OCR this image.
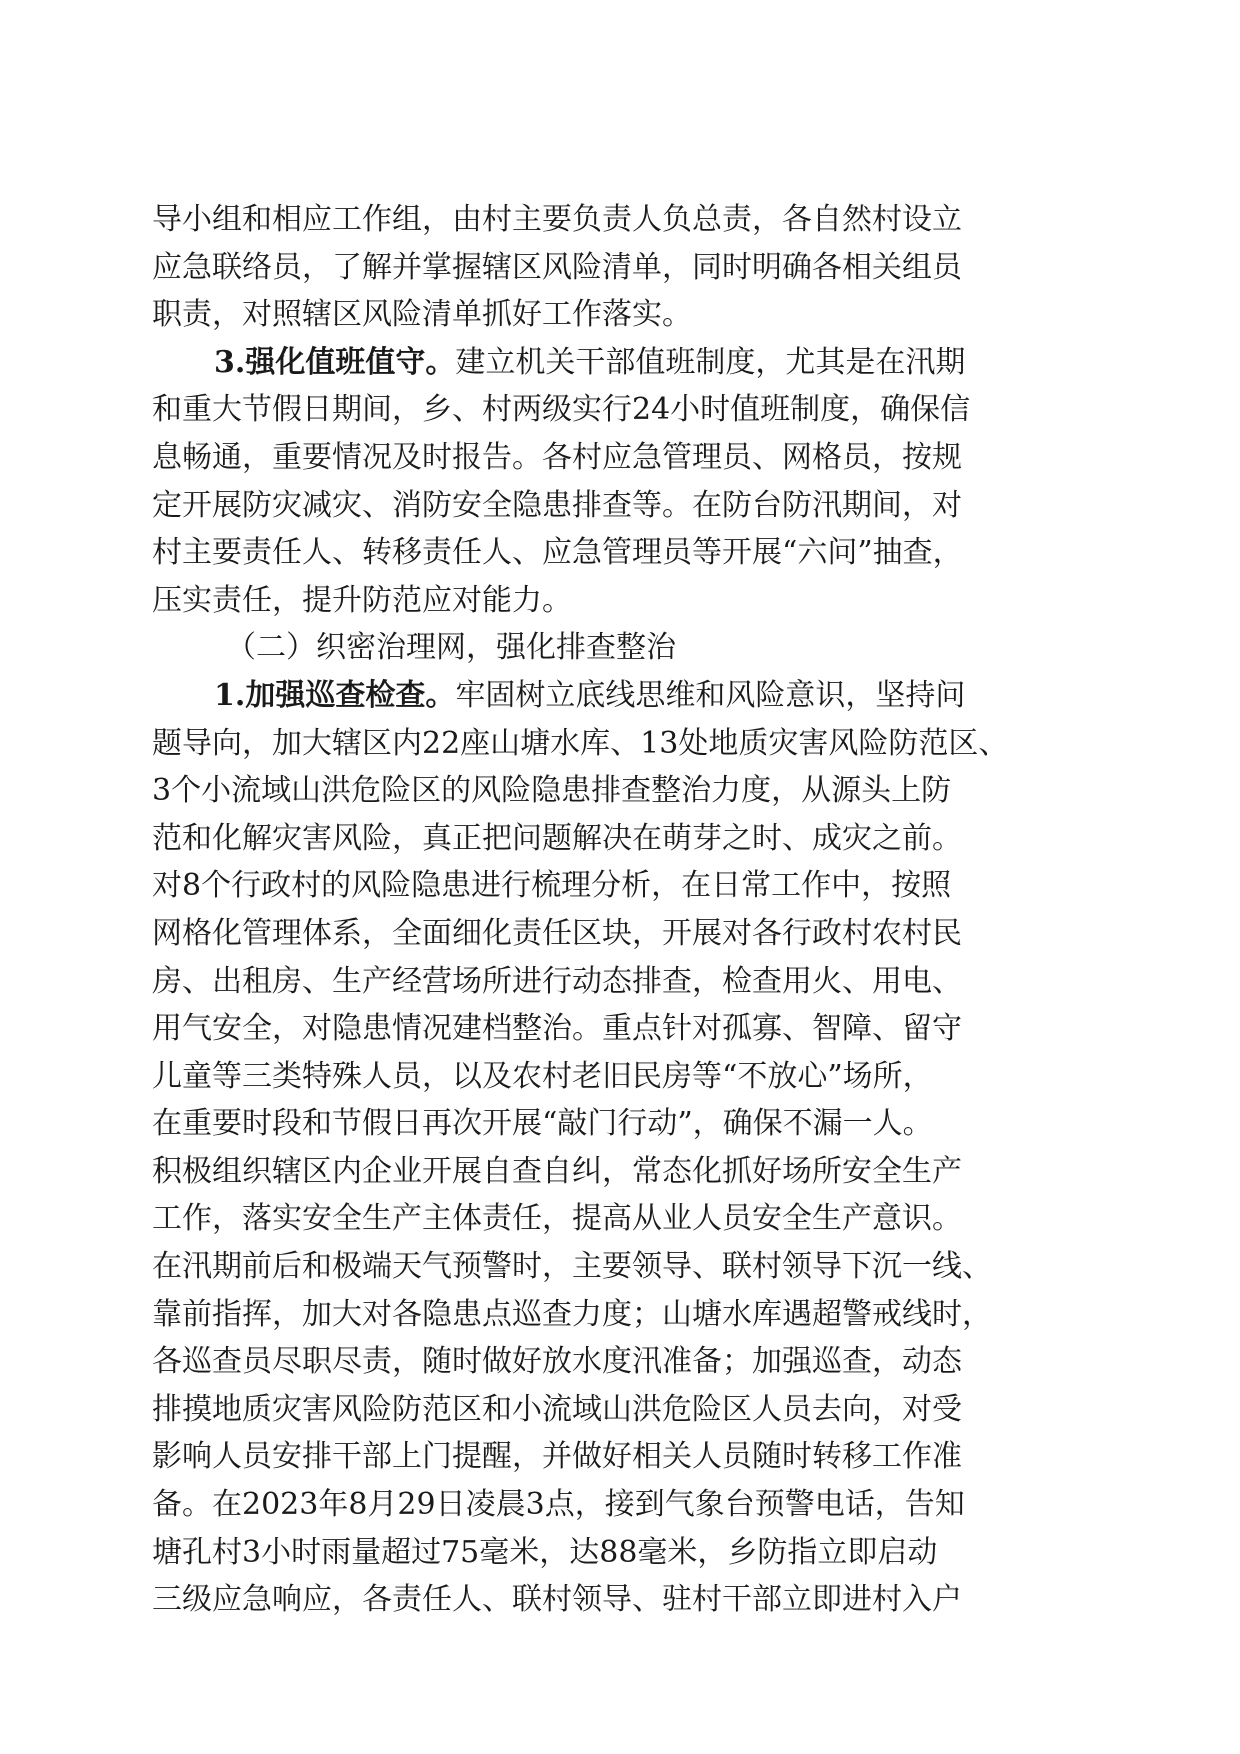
导小组和相应工作组，由村主要负责人负总责，各自然村设立
应急联络员，了解并掌握辖区风险清单，同时明确各相关组员
职责，对照辖区风险清单抓好工作落实。
3.强化值班值守。建立机关干部值班制度，尤其是在汛期
和重大节假日期间，乡、村两级实行24小时值班制度，确保信
息畅通，重要情况及时报告。各村应急管理员、网格员，按规
定开展防灾减灾、消防安全隐患排查等。在防台防汛期间，对
村主要责任人、转移责任人、应急管理员等开展“六问”抽查，
压实责任，提升防范应对能力。
（二）织密治理网，强化排查整治
1.加强巡查检查。牢固树立底线思维和风险意识，坚持问
题导向，加大辖区内22座山塘水库、13处地质灾害风险防范区、
3个小流域山洪危险区的风险隐患排查整治力度，从源头上防
范和化解灾害风险，真正把问题解决在萌芽之时、成灾之前。
对8个行政村的风险隐患进行梳理分析，在日常工作中，按照
网格化管理体系，全面细化责任区块，开展对各行政村农村民
房、出租房、生产经营场所进行动态排查，检查用火、用电、
用气安全，对隐患情况建档整治。重点针对孤寡、智障、留守
儿童等三类特殊人员，以及农村老旧民房等“不放心”场所，
在重要时段和节假日再次开展“敲门行动”，确保不漏一人。
积极组织辖区内企业开展自查自纠，常态化抓好场所安全生产
工作，落实安全生产主体责任，提高从业人员安全生产意识。
在汛期前后和极端天气预警时，主要领导、联村领导下沉一线、
靠前指挥，加大对各隐患点巡查力度；山塘水库遇超警戒线时，
各巡查员尽职尽责，随时做好放水度汛准备；加强巡查，动态
排摸地质灾害风险防范区和小流域山洪危险区人员去向，对受
影响人员安排干部上门提醒，并做好相关人员随时转移工作准
备。在2023年8月29日凌晨3点，接到气象台预警电话，告知
塘孔村3小时雨量超过75毫米，达88毫米，乡防指立即启动
三级应急响应，各责任人、联村领导、驻村干部立即进村入户
